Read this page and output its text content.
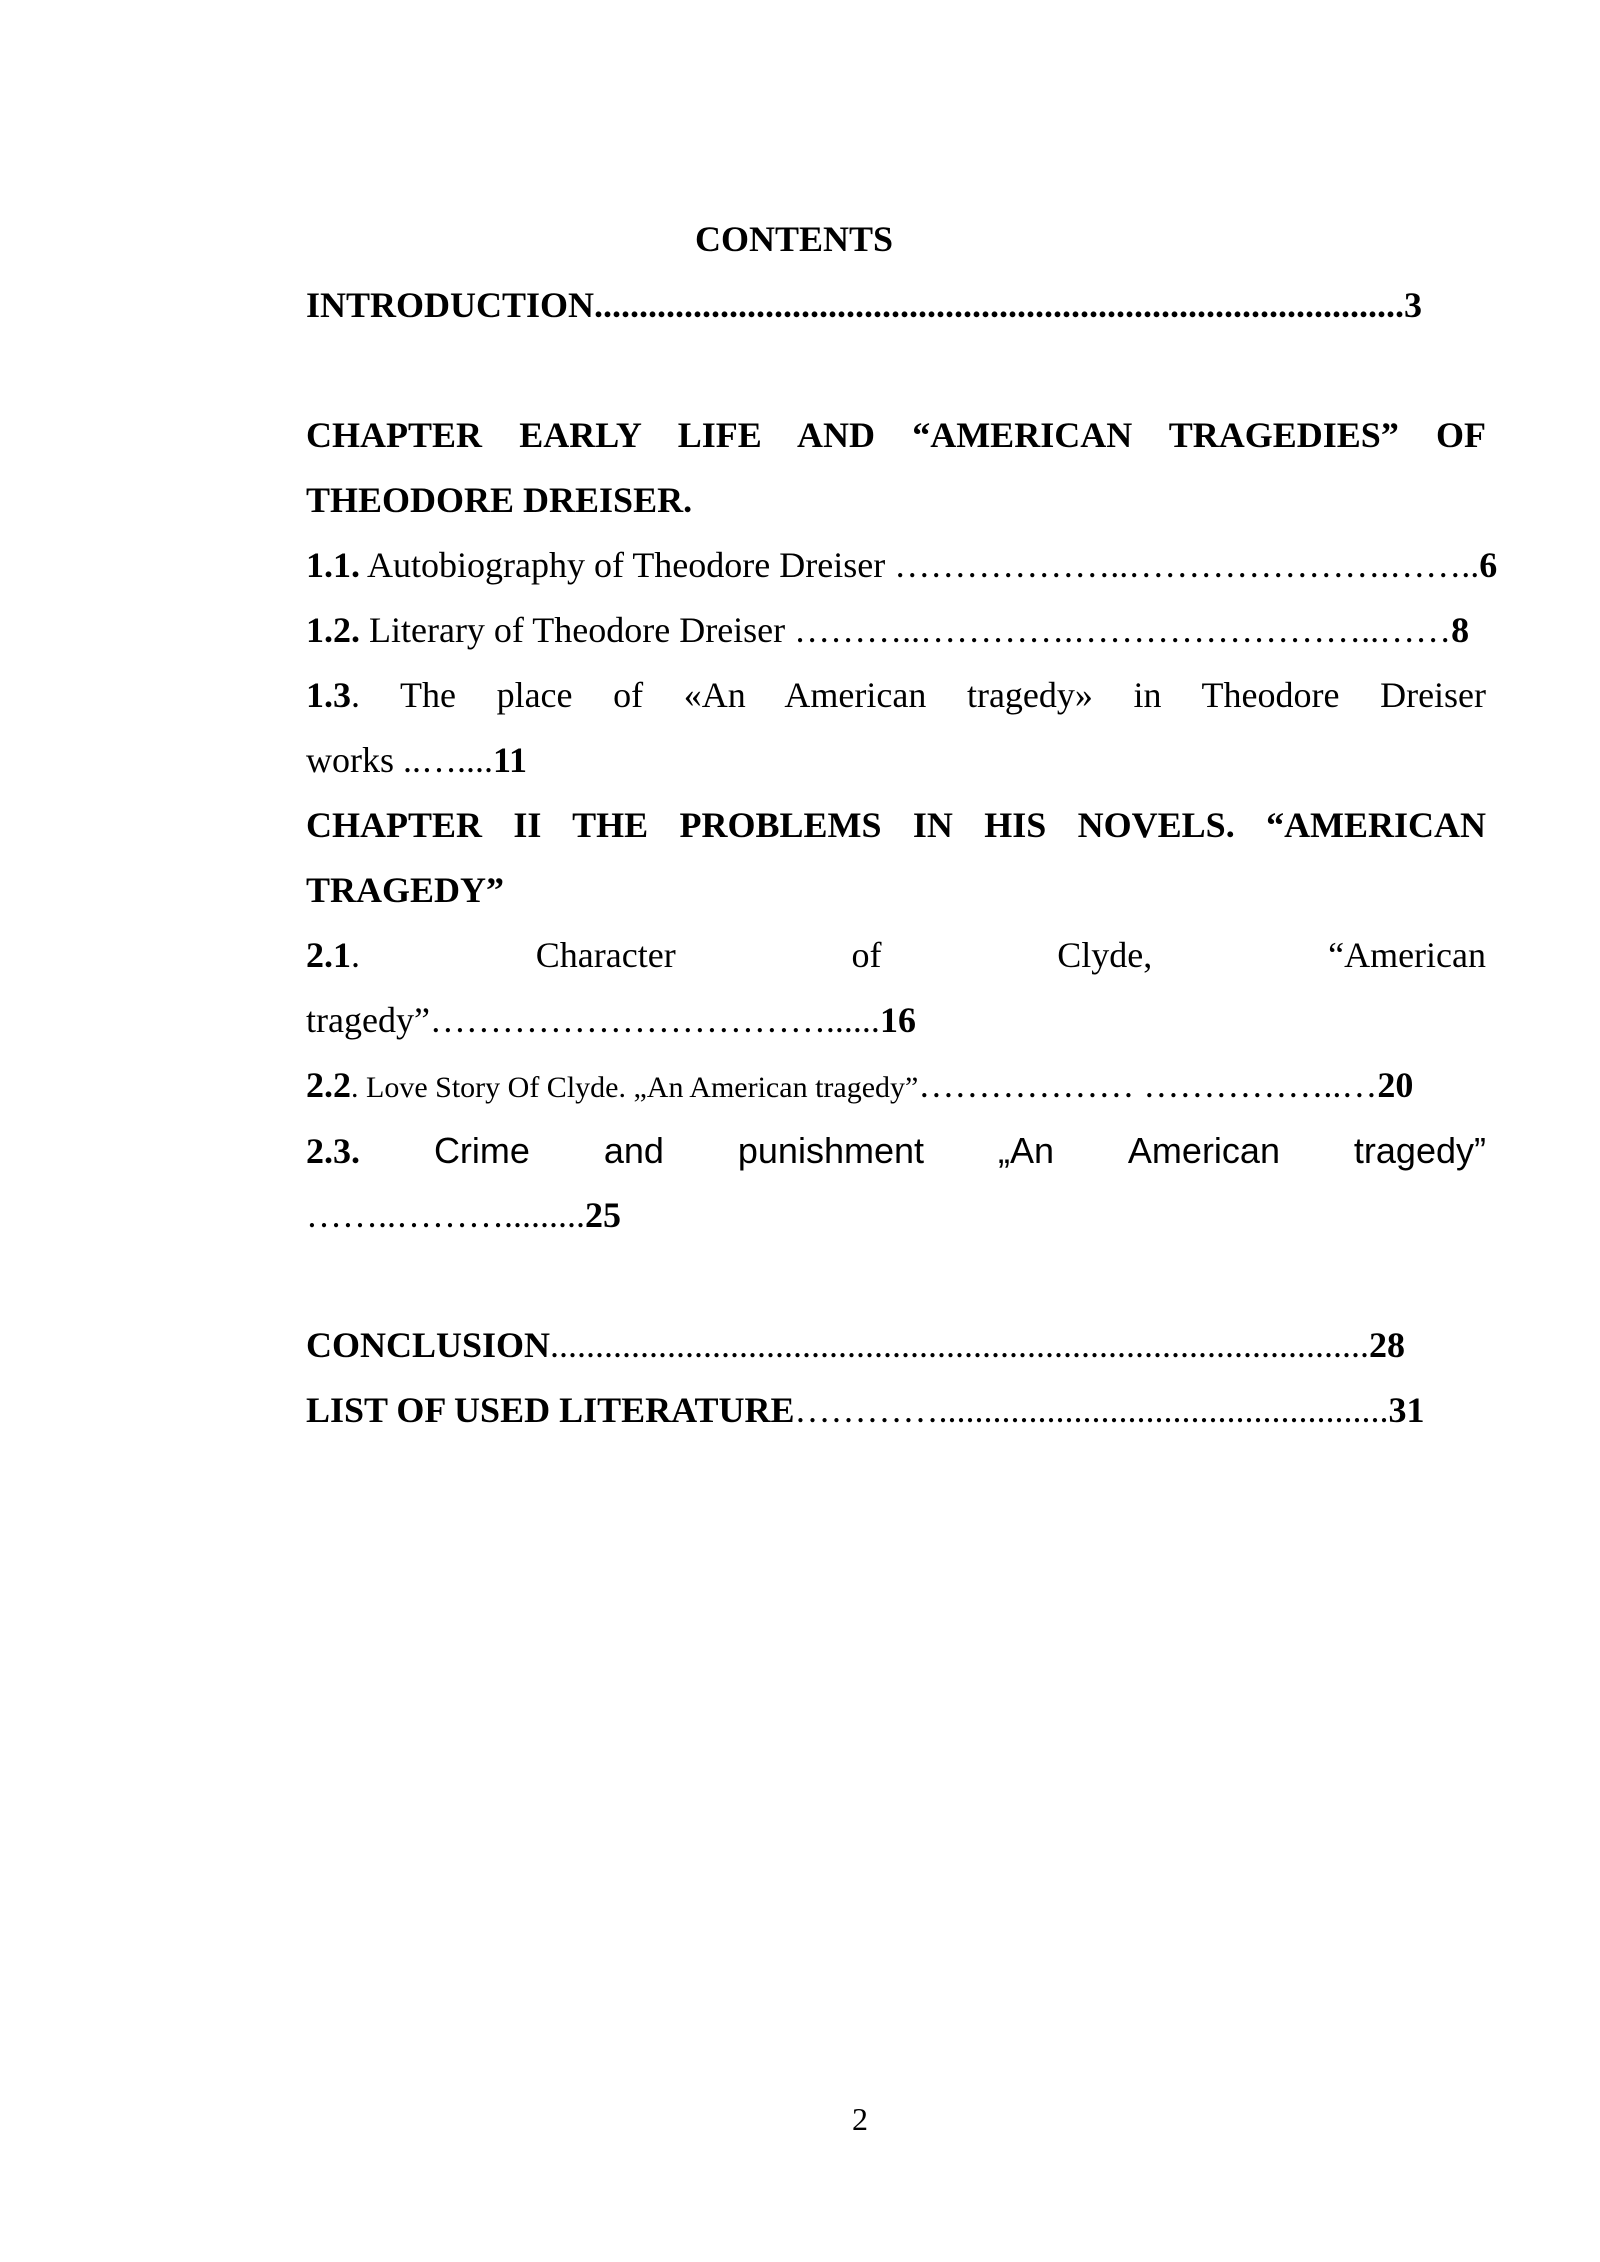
CONTENTS
INTRODUCTION..........................................................................................3
CHAPTER EARLY LIFE AND “AMERICAN TRAGEDIES” OF
THEODORE DREISER.
1.1. Autobiography of Theodore Dreiser ………………..………………….……..6
1.2. Literary of Theodore Dreiser ………..………….……………………..……8
1.3. The place of «An American tragedy» in Theodore Dreiser
works ..…....11
CHAPTER II THE PROBLEMS IN HIS NOVELS. “AMERICAN
TRAGEDY”
2.1.	Character	of	Clyde,	“American
tragedy”……………………………......16
2.2. Love Story Of Clyde. „An American tragedy”……………… ……………..…20
2.3. Crime and punishment „An American tragedy”
……..……….........25
CONCLUSION...........................................................................................28
LIST OF USED LITERATURE…………..................................................31
2
